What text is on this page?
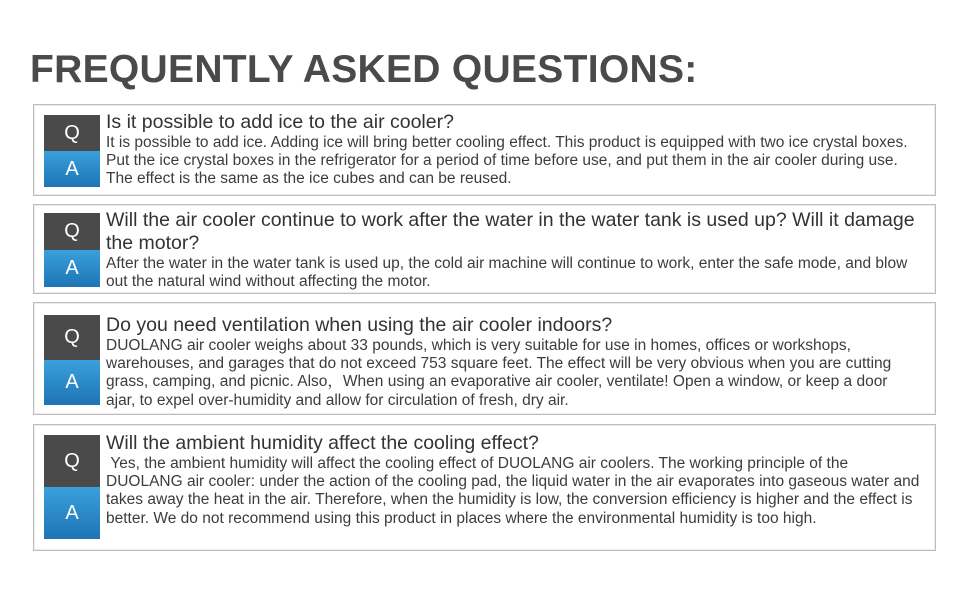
FREQUENTLY ASKED QUESTIONS:
Q
A

Is it possible to add ice to the air cooler?

It is possible to add ice. Adding ice will bring better cooling effect. This product is equipped with two ice crystal boxes. Put the ice crystal boxes in the refrigerator for a period of time before use, and put them in the air cooler during use. The effect is the same as the ice cubes and can be reused.

Q
A

Will the air cooler continue to work after the water in the water tank is used up? Will it damage the motor?

After the water in the water tank is used up, the cold air machine will continue to work, enter the safe mode, and blow out the natural wind without affecting the motor.

Q
A

Do you need ventilation when using the air cooler indoors?

DUOLANG air cooler weighs about 33 pounds, which is very suitable for use in homes, offices or workshops, warehouses, and garages that do not exceed 753 square feet. The effect will be very obvious when you are cutting grass, camping, and picnic. Also，When using an evaporative air cooler, ventilate! Open a window, or keep a door ajar, to expel over-humidity and allow for circulation of fresh, dry air.

Q
A

Will the ambient humidity affect the cooling effect?

Yes, the ambient humidity will affect the cooling effect of DUOLANG air coolers. The working principle of the DUOLANG air cooler: under the action of the cooling pad, the liquid water in the air evaporates into gaseous water and takes away the heat in the air. Therefore, when the humidity is low, the conversion efficiency is higher and the effect is better. We do not recommend using this product in places where the environmental humidity is too high.
